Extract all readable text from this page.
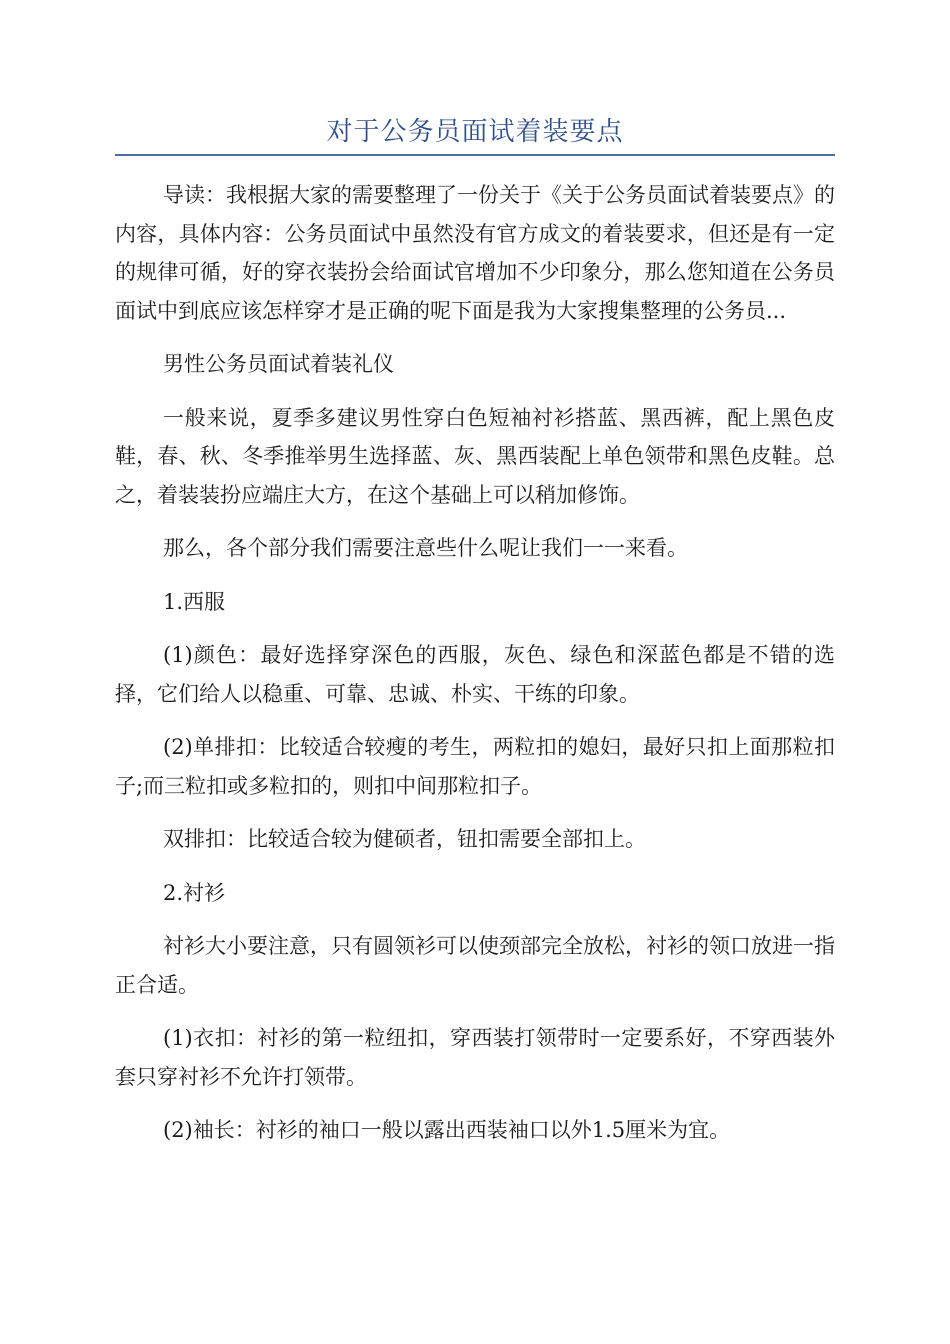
对于公务员面试着装要点

导读：我根据大家的需要整理了一份关于《关于公务员面试着装要点》的内容，具体内容：公务员面试中虽然没有官方成文的着装要求，但还是有一定的规律可循，好的穿衣装扮会给面试官增加不少印象分，那么您知道在公务员面试中到底应该怎样穿才是正确的呢下面是我为大家搜集整理的公务员...

男性公务员面试着装礼仪

一般来说，夏季多建议男性穿白色短袖衬衫搭蓝、黑西裤，配上黑色皮鞋，春、秋、冬季推举男生选择蓝、灰、黑西装配上单色领带和黑色皮鞋。总之，着装装扮应端庄大方，在这个基础上可以稍加修饰。

那么，各个部分我们需要注意些什么呢让我们一一来看。

1.西服

(1)颜色：最好选择穿深色的西服，灰色、绿色和深蓝色都是不错的选择，它们给人以稳重、可靠、忠诚、朴实、干练的印象。

(2)单排扣：比较适合较瘦的考生，两粒扣的媳妇，最好只扣上面那粒扣子;而三粒扣或多粒扣的，则扣中间那粒扣子。

双排扣：比较适合较为健硕者，钮扣需要全部扣上。

2.衬衫

衬衫大小要注意，只有圆领衫可以使颈部完全放松，衬衫的领口放进一指正合适。

(1)衣扣：衬衫的第一粒纽扣，穿西装打领带时一定要系好，不穿西装外套只穿衬衫不允许打领带。

(2)袖长：衬衫的袖口一般以露出西装袖口以外1.5厘米为宜。
